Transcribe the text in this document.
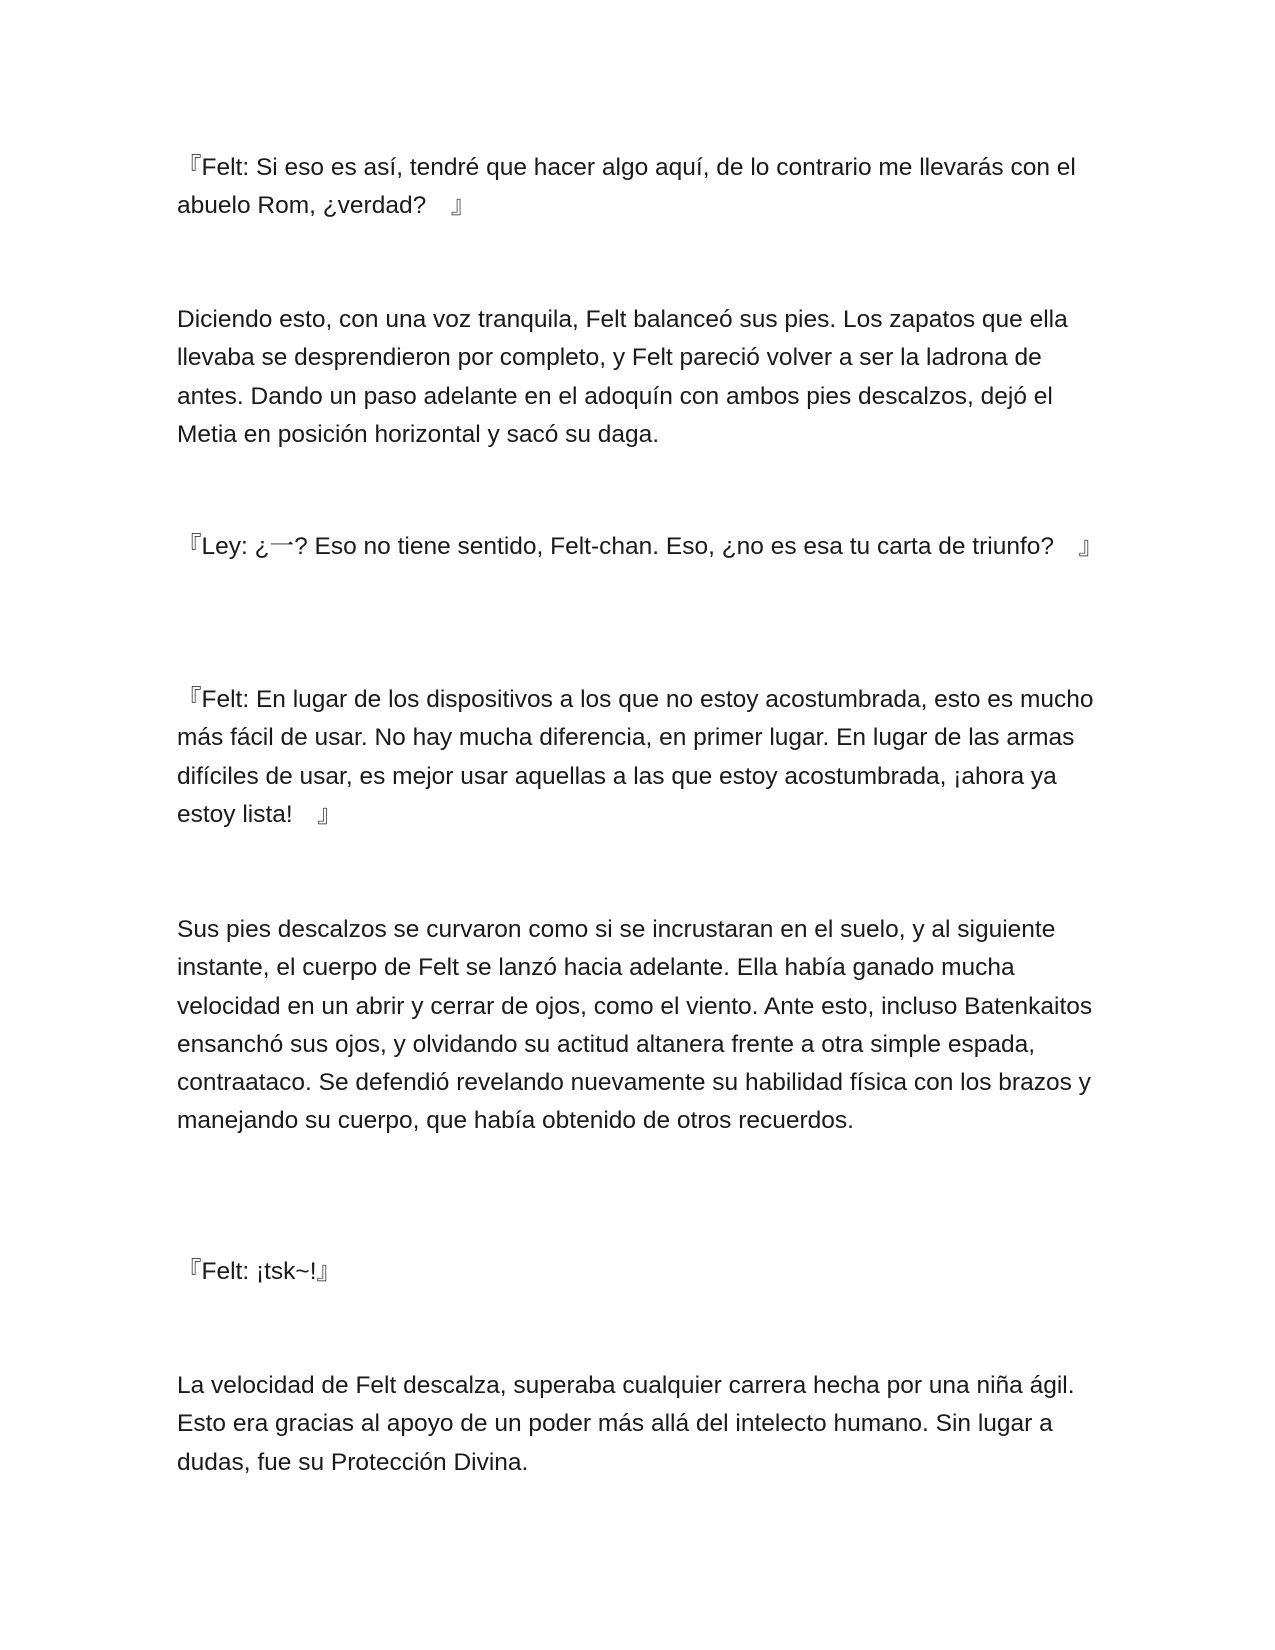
『Felt: Si eso es así, tendré que hacer algo aquí, de lo contrario me llevarás con el abuelo Rom, ¿verdad?　』

Diciendo esto, con una voz tranquila, Felt balanceó sus pies. Los zapatos que ella llevaba se desprendieron por completo, y Felt pareció volver a ser la ladrona de antes. Dando un paso adelante en el adoquín con ambos pies descalzos, dejó el Metia en posición horizontal y sacó su daga.

『Ley: ¿一? Eso no tiene sentido, Felt-chan. Eso, ¿no es esa tu carta de triunfo?　』

『Felt: En lugar de los dispositivos a los que no estoy acostumbrada, esto es mucho más fácil de usar. No hay mucha diferencia, en primer lugar. En lugar de las armas difíciles de usar, es mejor usar aquellas a las que estoy acostumbrada, ¡ahora ya estoy lista!　』

Sus pies descalzos se curvaron como si se incrustaran en el suelo, y al siguiente instante, el cuerpo de Felt se lanzó hacia adelante. Ella había ganado mucha velocidad en un abrir y cerrar de ojos, como el viento. Ante esto, incluso Batenkaitos ensanchó sus ojos, y olvidando su actitud altanera frente a otra simple espada, contraataco. Se defendió revelando nuevamente su habilidad física con los brazos y manejando su cuerpo, que había obtenido de otros recuerdos.

『Felt: ¡tsk~!』

La velocidad de Felt descalza, superaba cualquier carrera hecha por una niña ágil. Esto era gracias al apoyo de un poder más allá del intelecto humano. Sin lugar a dudas, fue su Protección Divina.
